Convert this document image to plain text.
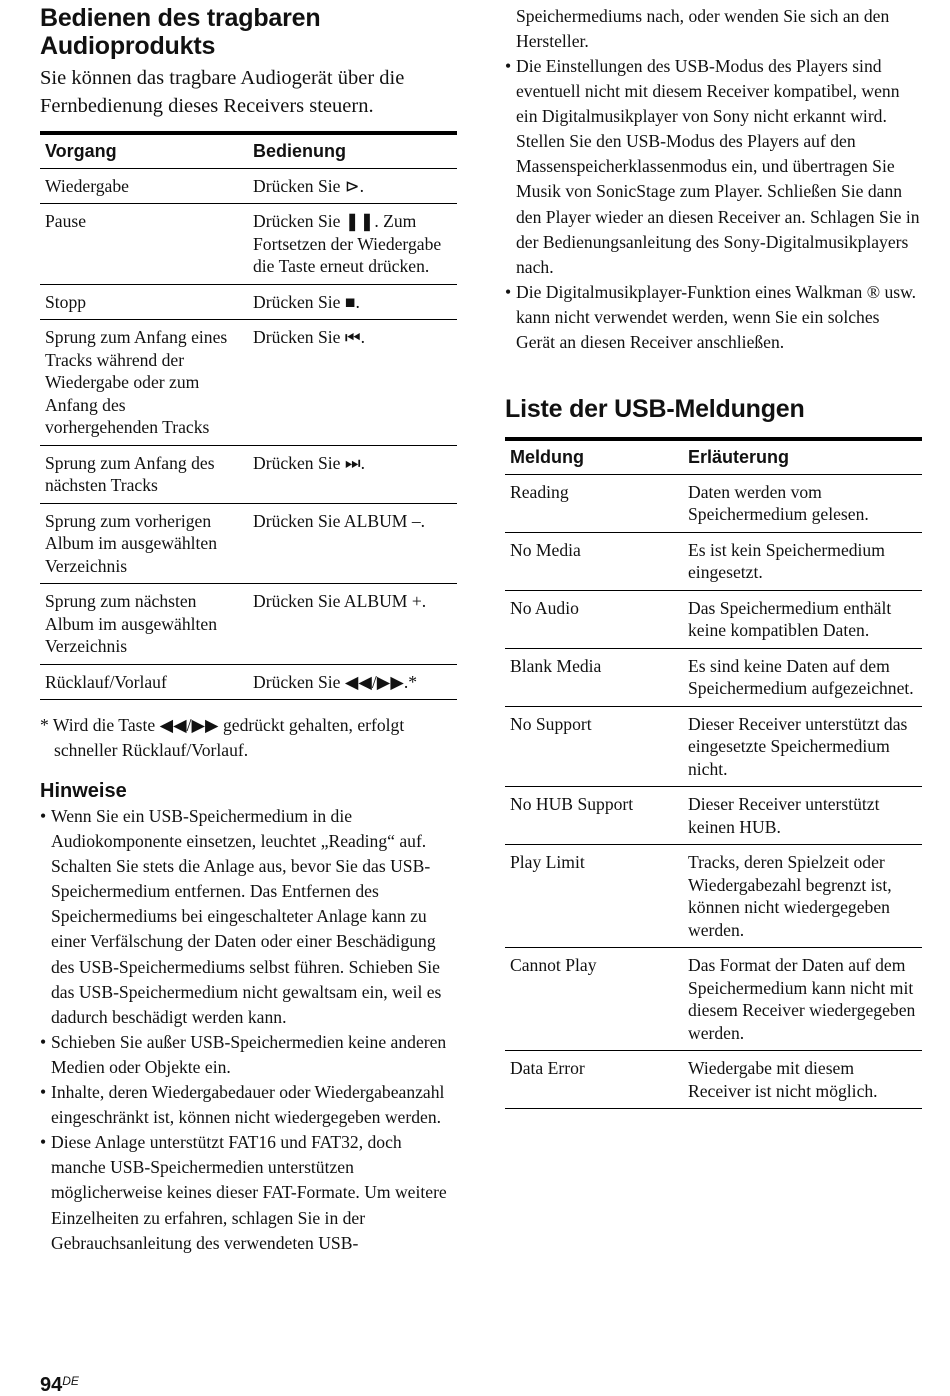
Bedienen des tragbaren
Audioprodukts

Sie können das tragbare Audiogerät über die Fernbedienung dieses Receivers steuern.

Vorgang	Bedienung
Wiedergabe	Drücken Sie ⊳.
Pause	Drücken Sie ❚❚. Zum Fortsetzen der Wiedergabe die Taste erneut drücken.
Stopp	Drücken Sie ■.
Sprung zum Anfang eines Tracks während der Wiedergabe oder zum Anfang des vorhergehenden Tracks	Drücken Sie ⏮.
Sprung zum Anfang des nächsten Tracks	Drücken Sie ⏭.
Sprung zum vorherigen Album im ausgewählten Verzeichnis	Drücken Sie ALBUM –.
Sprung zum nächsten Album im ausgewählten Verzeichnis	Drücken Sie ALBUM +.
Rücklauf/Vorlauf	Drücken Sie ◀◀/▶▶.*

* Wird die Taste ◀◀/▶▶ gedrückt gehalten, erfolgt schneller Rücklauf/Vorlauf.

Hinweise
• Wenn Sie ein USB-Speichermedium in die Audiokomponente einsetzen, leuchtet „Reading“ auf. Schalten Sie stets die Anlage aus, bevor Sie das USB-Speichermedium entfernen. Das Entfernen des Speichermediums bei eingeschalteter Anlage kann zu einer Verfälschung der Daten oder einer Beschädigung des USB-Speichermediums selbst führen. Schieben Sie das USB-Speichermedium nicht gewaltsam ein, weil es dadurch beschädigt werden kann.
• Schieben Sie außer USB-Speichermedien keine anderen Medien oder Objekte ein.
• Inhalte, deren Wiedergabedauer oder Wiedergabeanzahl eingeschränkt ist, können nicht wiedergegeben werden.
• Diese Anlage unterstützt FAT16 und FAT32, doch manche USB-Speichermedien unterstützen möglicherweise keines dieser FAT-Formate. Um weitere Einzelheiten zu erfahren, schlagen Sie in der Gebrauchsanleitung des verwendeten USB-

Speichermediums nach, oder wenden Sie sich an den Hersteller.

• Die Einstellungen des USB-Modus des Players sind eventuell nicht mit diesem Receiver kompatibel, wenn ein Digitalmusikplayer von Sony nicht erkannt wird. Stellen Sie den USB-Modus des Players auf den Massenspeicherklassenmodus ein, und übertragen Sie Musik von SonicStage zum Player. Schließen Sie dann den Player wieder an diesen Receiver an. Schlagen Sie in der Bedienungsanleitung des Sony-Digitalmusikplayers nach.
• Die Digitalmusikplayer-Funktion eines Walkman ® usw. kann nicht verwendet werden, wenn Sie ein solches Gerät an diesen Receiver anschließen.
Liste der USB-Meldungen
Meldung	Erläuterung
Reading	Daten werden vom Speichermedium gelesen.
No Media	Es ist kein Speichermedium eingesetzt.
No Audio	Das Speichermedium enthält keine kompatiblen Daten.
Blank Media	Es sind keine Daten auf dem Speichermedium aufgezeichnet.
No Support	Dieser Receiver unterstützt das eingesetzte Speichermedium nicht.
No HUB Support	Dieser Receiver unterstützt keinen HUB.
Play Limit	Tracks, deren Spielzeit oder Wiedergabezahl begrenzt ist, können nicht wiedergegeben werden.
Cannot Play	Das Format der Daten auf dem Speichermedium kann nicht mit diesem Receiver wiedergegeben werden.
Data Error	Wiedergabe mit diesem Receiver ist nicht möglich.
94DE
